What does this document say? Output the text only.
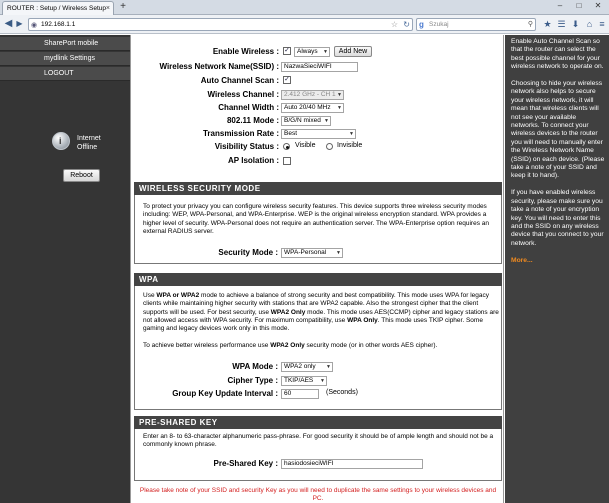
ROUTER : Setup / Wireless Setup ×	+	–	□	✕
◀ ▶	◉ 192.168.1.1	☆ ↻ g Szukaj	⚲ ★ ☰ ⬇ ⌂ ≡
SharePort mobile
mydlink Settings
LOGOUT
i Internet
Offline
Reboot
Enable Wireless : ✓	Always ▼	Add New
Wireless Network Name(SSID) : NazwaSieciWIFI
Auto Channel Scan : ✓
Wireless Channel : 2.412 GHz - CH 1 ▼
Channel Width : Auto 20/40 MHz ▼
802.11 Mode : B/G/N mixed ▼
Transmission Rate : Best	▼
Visibility Status : Visible	Invisible
AP Isolation :
WIRELESS SECURITY MODE
To protect your privacy you can configure wireless security features. This device supports three wireless security modes including: WEP, WPA-Personal, and WPA-Enterprise. WEP is the original wireless encryption standard. WPA provides a higher level of security. WPA-Personal does not require an authentication server. The WPA-Enterprise option requires an external RADIUS server.
Security Mode : WPA-Personal ▼
WPA
Use WPA or WPA2 mode to achieve a balance of strong security and best compatibility. This mode uses WPA for legacy clients while maintaining higher security with stations that are WPA2 capable. Also the strongest cipher that the client supports will be used. For best security, use WPA2 Only mode. This mode uses AES(CCMP) cipher and legacy stations are not allowed access with WPA security. For maximum compatibility, use WPA Only. This mode uses TKIP cipher. Some gaming and legacy devices work only in this mode.
To achieve better wireless performance use WPA2 Only security mode (or in other words AES cipher).
WPA Mode : WPA2 only ▼
Cipher Type : TKIP/AES ▼
Group Key Update Interval : 60	(Seconds)
PRE-SHARED KEY
Enter an 8- to 63-character alphanumeric pass-phrase. For good security it should be of ample length and should not be a commonly known phrase.
Pre-Shared Key : hasiodosieciWIFI
Please take note of your SSID and security Key as you will need to duplicate the same settings to your wireless devices and PC.

Enable Auto Channel Scan so that the router can select the best possible channel for your wireless network to operate on.

Choosing to hide your wireless network also helps to secure your wireless network, it will mean that wireless clients will not see your available networks. To connect your wireless devices to the router you will need to manually enter the Wireless Network Name (SSID) on each device. (Please take a note of your SSID and keep it to hand).

If you have enabled wireless security, please make sure you take a note of your encryption key. You will need to enter this and the SSID on any wireless device that you connect to your network.

More...
